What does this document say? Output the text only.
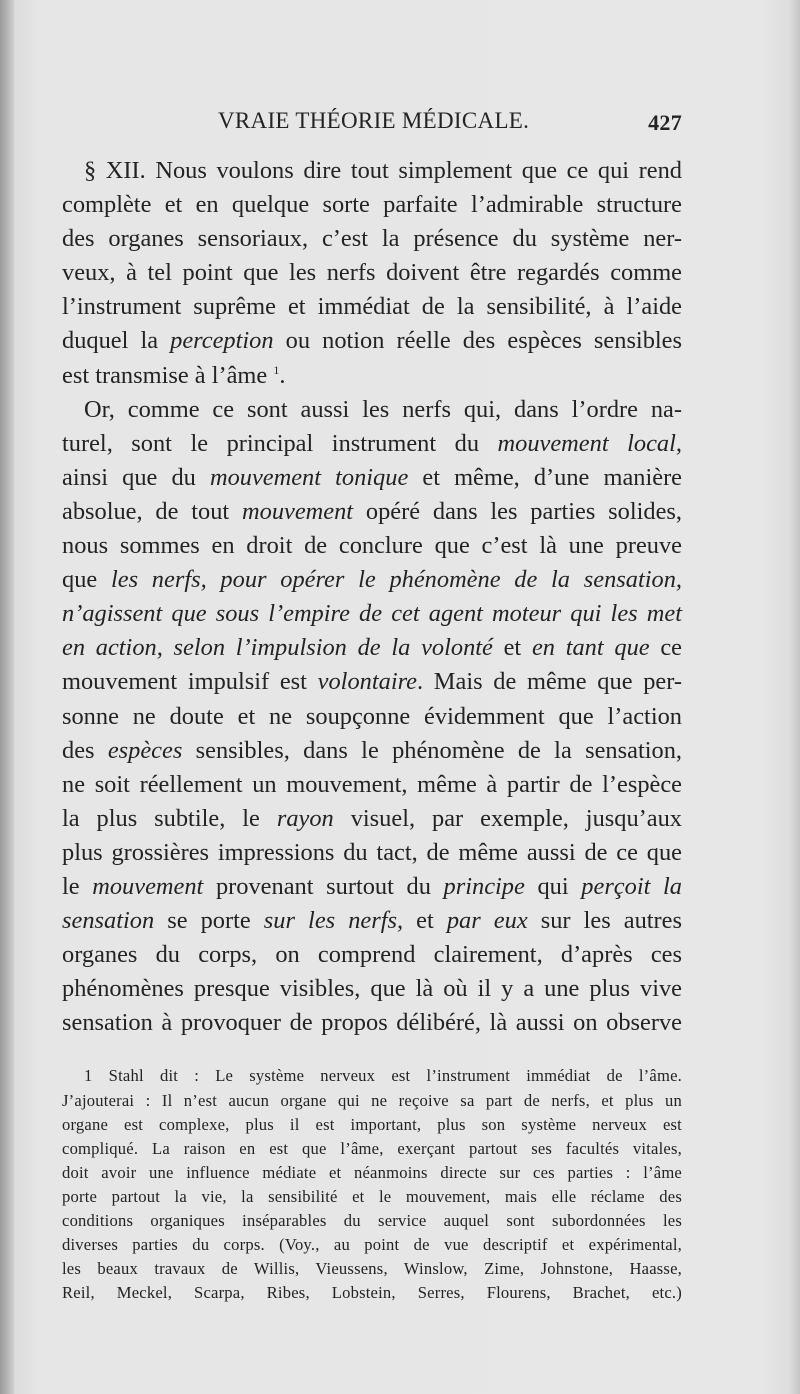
VRAIE THÉORIE MÉDICALE.	427
§ XII. Nous voulons dire tout simplement que ce qui rend
complète et en quelque sorte parfaite l’admirable structure
des organes sensoriaux, c’est la présence du système ner-
veux, à tel point que les nerfs doivent être regardés comme
l’instrument suprême et immédiat de la sensibilité, à l’aide
duquel la perception ou notion réelle des espèces sensibles
est transmise à l’âme $^1$.
Or, comme ce sont aussi les nerfs qui, dans l’ordre na-
turel, sont le principal instrument du mouvement local,
ainsi que du mouvement tonique et même, d’une manière
absolue, de tout mouvement opéré dans les parties solides,
nous sommes en droit de conclure que c’est là une preuve
que les nerfs, pour opérer le phénomène de la sensation,
n’agissent que sous l’empire de cet agent moteur qui les met
en action, selon l’impulsion de la volonté et en tant que ce
mouvement impulsif est volontaire. Mais de même que per-
sonne ne doute et ne soupçonne évidemment que l’action
des espèces sensibles, dans le phénomène de la sensation,
ne soit réellement un mouvement, même à partir de l’espèce
la plus subtile, le rayon visuel, par exemple, jusqu’aux
plus grossières impressions du tact, de même aussi de ce que
le mouvement provenant surtout du principe qui perçoit la
sensation se porte sur les nerfs, et par eux sur les autres
organes du corps, on comprend clairement, d’après ces
phénomènes presque visibles, que là où il y a une plus vive
sensation à provoquer de propos délibéré, là aussi on observe
1 Stahl dit : Le système nerveux est l’instrument immédiat de l’âme.
J’ajouterai : Il n’est aucun organe qui ne reçoive sa part de nerfs, et plus un
organe est complexe, plus il est important, plus son système nerveux est
compliqué. La raison en est que l’âme, exerçant partout ses facultés vitales,
doit avoir une influence médiate et néanmoins directe sur ces parties : l’âme
porte partout la vie, la sensibilité et le mouvement, mais elle réclame des
conditions organiques inséparables du service auquel sont subordonnées les
diverses parties du corps. (Voy., au point de vue descriptif et expérimental,
les beaux travaux de Willis, Vieussens, Winslow, Zime, Johnstone, Haasse,
Reil, Meckel, Scarpa, Ribes, Lobstein, Serres, Flourens, Brachet, etc.)
